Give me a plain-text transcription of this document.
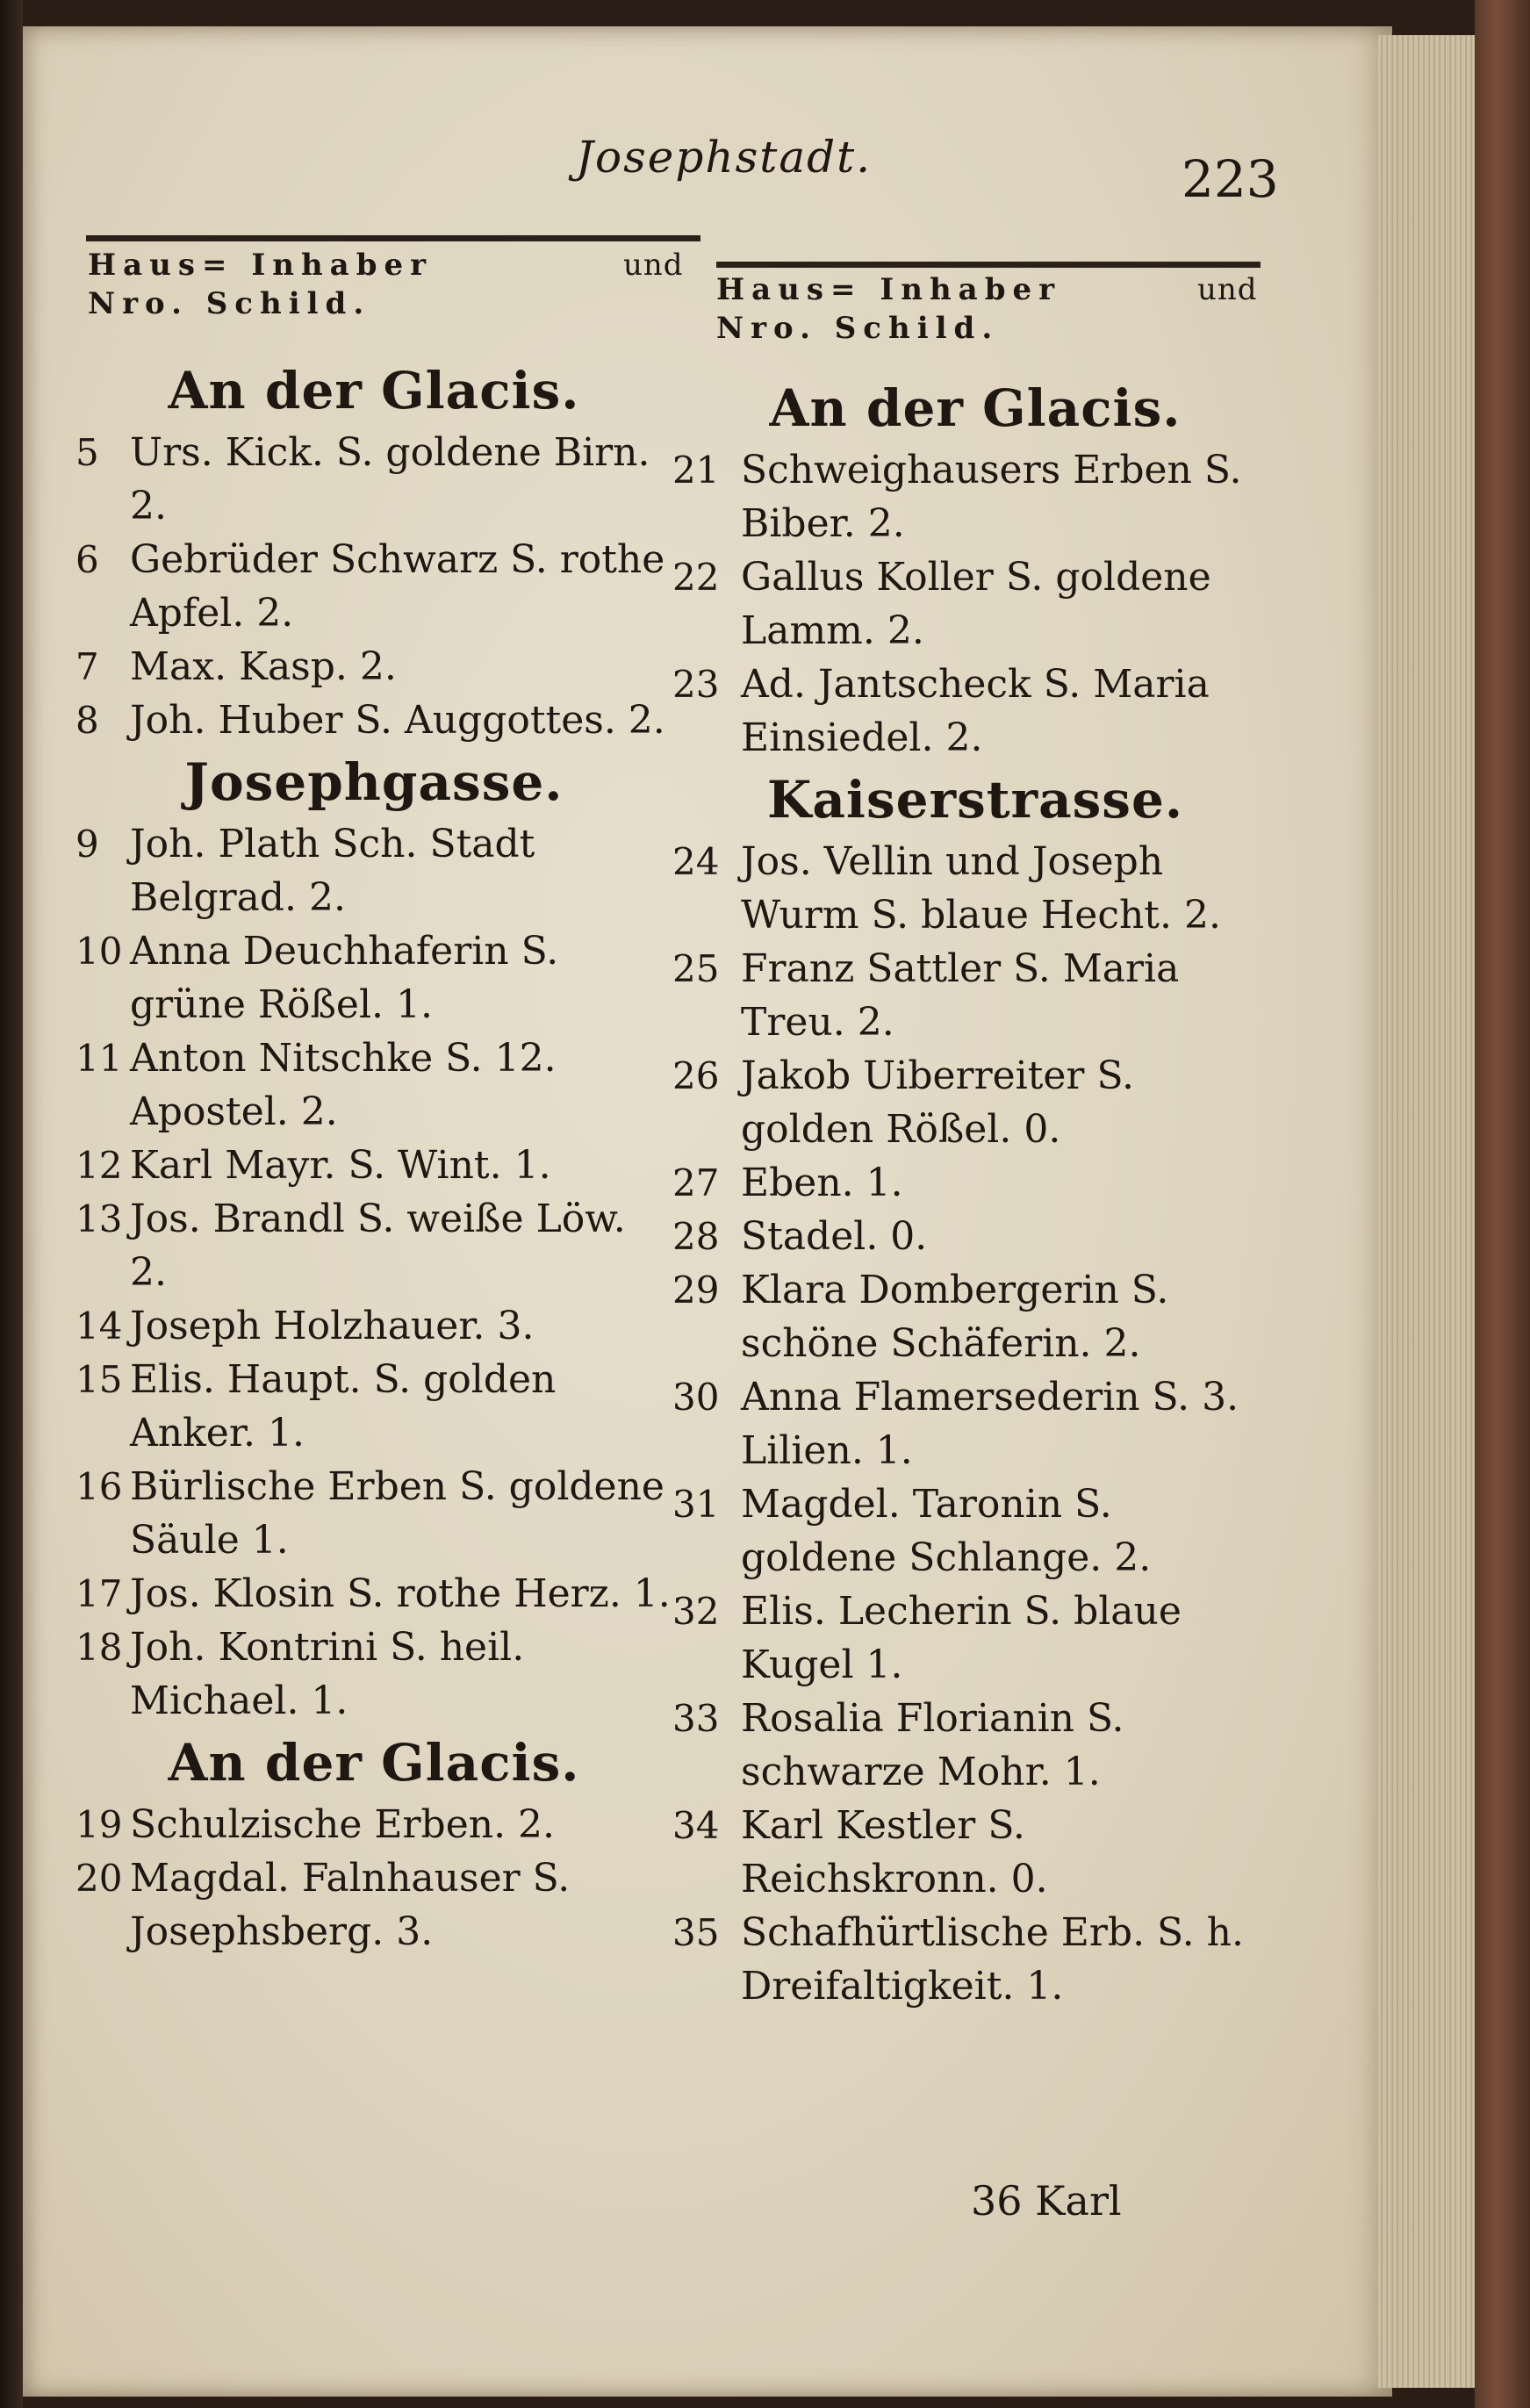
Josephstadt.	223
Haus= Inhaber	und
Nro. Schild.	Haus= Inhaber	und
Nro. Schild.
An der Glacis.
5 Urs. Kick. S. goldene Birn. 2.
6 Gebrüder Schwarz S. rothe Apfel. 2.
7 Max. Kasp. 2.
8 Joh. Huber S. Auggottes. 2.
Josephgasse.
9 Joh. Plath Sch. Stadt Belgrad. 2.
10 Anna Deuchhaferin S. grüne Rößel. 1.
11 Anton Nitschke S. 12. Apostel. 2.
12 Karl Mayr. S. Wint. 1.
13 Jos. Brandl S. weiße Löw. 2.
14 Joseph Holzhauer. 3.
15 Elis. Haupt. S. golden Anker. 1.
16 Bürlische Erben S. goldene Säule 1.
17 Jos. Klosin S. rothe Herz. 1.
18 Joh. Kontrini S. heil. Michael. 1.
An der Glacis.
19 Schulzische Erben. 2.
20 Magdal. Falnhauser S. Josephsberg. 3.
An der Glacis.
21 Schweighausers Erben S. Biber. 2.
22 Gallus Koller S. goldene Lamm. 2.
23 Ad. Jantscheck S. Maria Einsiedel. 2.
Kaiserstrasse.
24 Jos. Vellin und Joseph Wurm S. blaue Hecht. 2.
25 Franz Sattler S. Maria Treu. 2.
26 Jakob Uiberreiter S. golden Rößel. 0.
27 Eben. 1.
28 Stadel. 0.
29 Klara Dombergerin S. schöne Schäferin. 2.
30 Anna Flamersederin S. 3. Lilien. 1.
31 Magdel. Taronin S. goldene Schlange. 2.
32 Elis. Lecherin S. blaue Kugel 1.
33 Rosalia Florianin S. schwarze Mohr. 1.
34 Karl Kestler S. Reichskronn. 0.
35 Schafhürtlische Erb. S. h. Dreifaltigkeit. 1.
36 Karl
